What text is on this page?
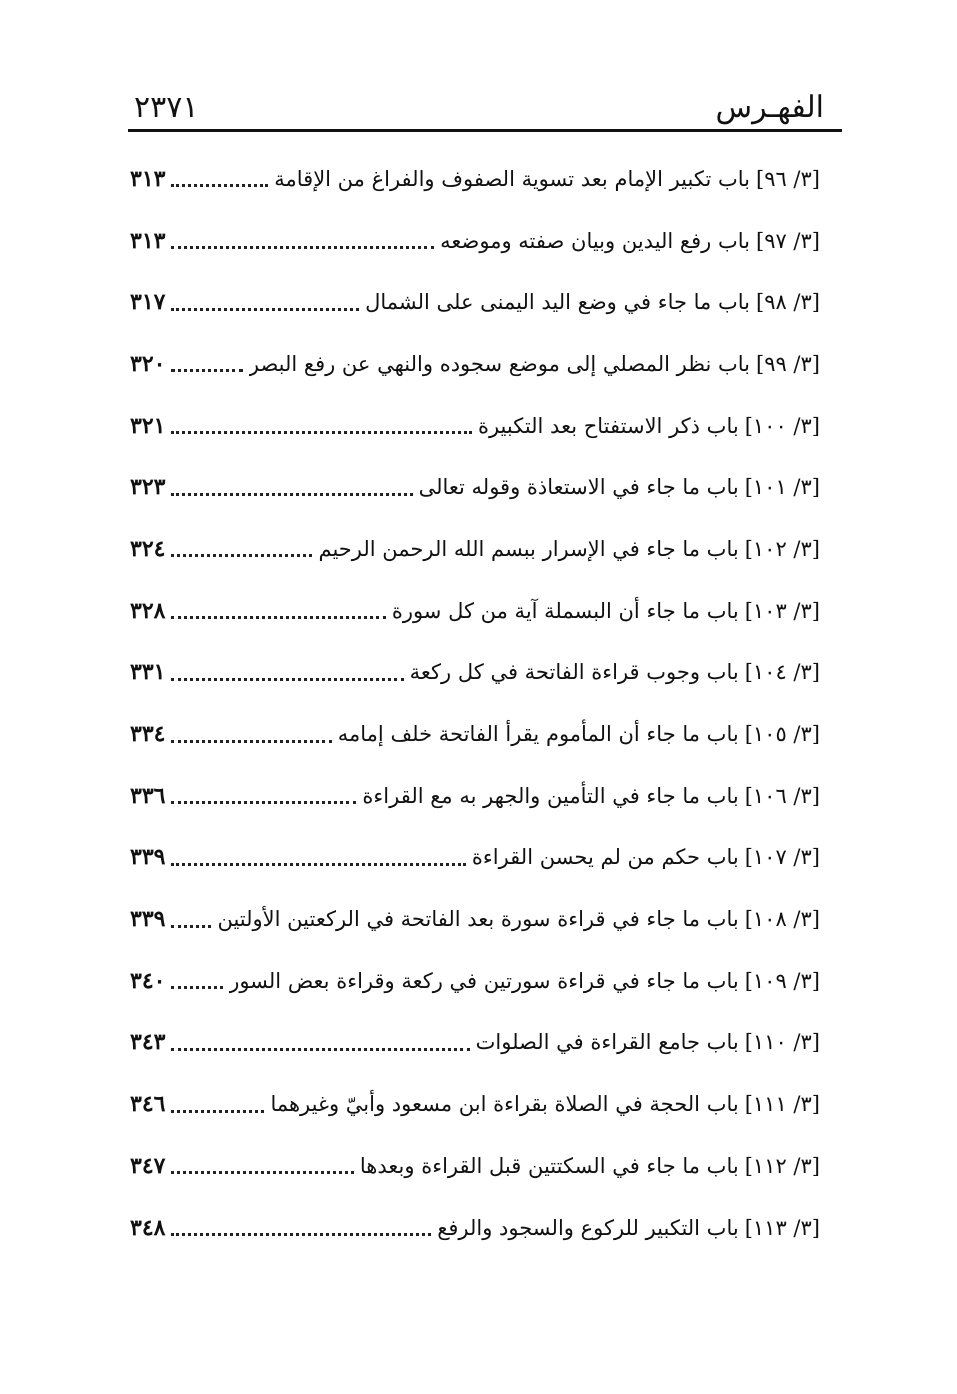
الفهـرس
٢٣٧١
[٣/ ٩٦]
باب تكبير الإمام بعد تسوية الصفوف والفراغ من الإقامة
٣١٣
[٣/ ٩٧]
باب رفع اليدين وبيان صفته وموضعه
٣١٣
[٣/ ٩٨]
باب ما جاء في وضع اليد اليمنى على الشمال
٣١٧
[٣/ ٩٩]
باب نظر المصلي إلى موضع سجوده والنهي عن رفع البصر
٣٢٠
[٣/ ١٠٠]
باب ذكر الاستفتاح بعد التكبيرة
٣٢١
[٣/ ١٠١]
باب ما جاء في الاستعاذة وقوله تعالى
٣٢٣
[٣/ ١٠٢]
باب ما جاء في الإسرار ببسم الله الرحمن الرحيم
٣٢٤
[٣/ ١٠٣]
باب ما جاء أن البسملة آية من كل سورة
٣٢٨
[٣/ ١٠٤]
باب وجوب قراءة الفاتحة في كل ركعة
٣٣١
[٣/ ١٠٥]
باب ما جاء أن المأموم يقرأ الفاتحة خلف إمامه
٣٣٤
[٣/ ١٠٦]
باب ما جاء في التأمين والجهر به مع القراءة
٣٣٦
[٣/ ١٠٧]
باب حكم من لم يحسن القراءة
٣٣٩
[٣/ ١٠٨]
باب ما جاء في قراءة سورة بعد الفاتحة في الركعتين الأولتين
٣٣٩
[٣/ ١٠٩]
باب ما جاء في قراءة سورتين في ركعة وقراءة بعض السور
٣٤٠
[٣/ ١١٠]
باب جامع القراءة في الصلوات
٣٤٣
[٣/ ١١١]
باب الحجة في الصلاة بقراءة ابن مسعود وأبيّ وغيرهما
٣٤٦
[٣/ ١١٢]
باب ما جاء في السكتتين قبل القراءة وبعدها
٣٤٧
[٣/ ١١٣]
باب التكبير للركوع والسجود والرفع
٣٤٨
